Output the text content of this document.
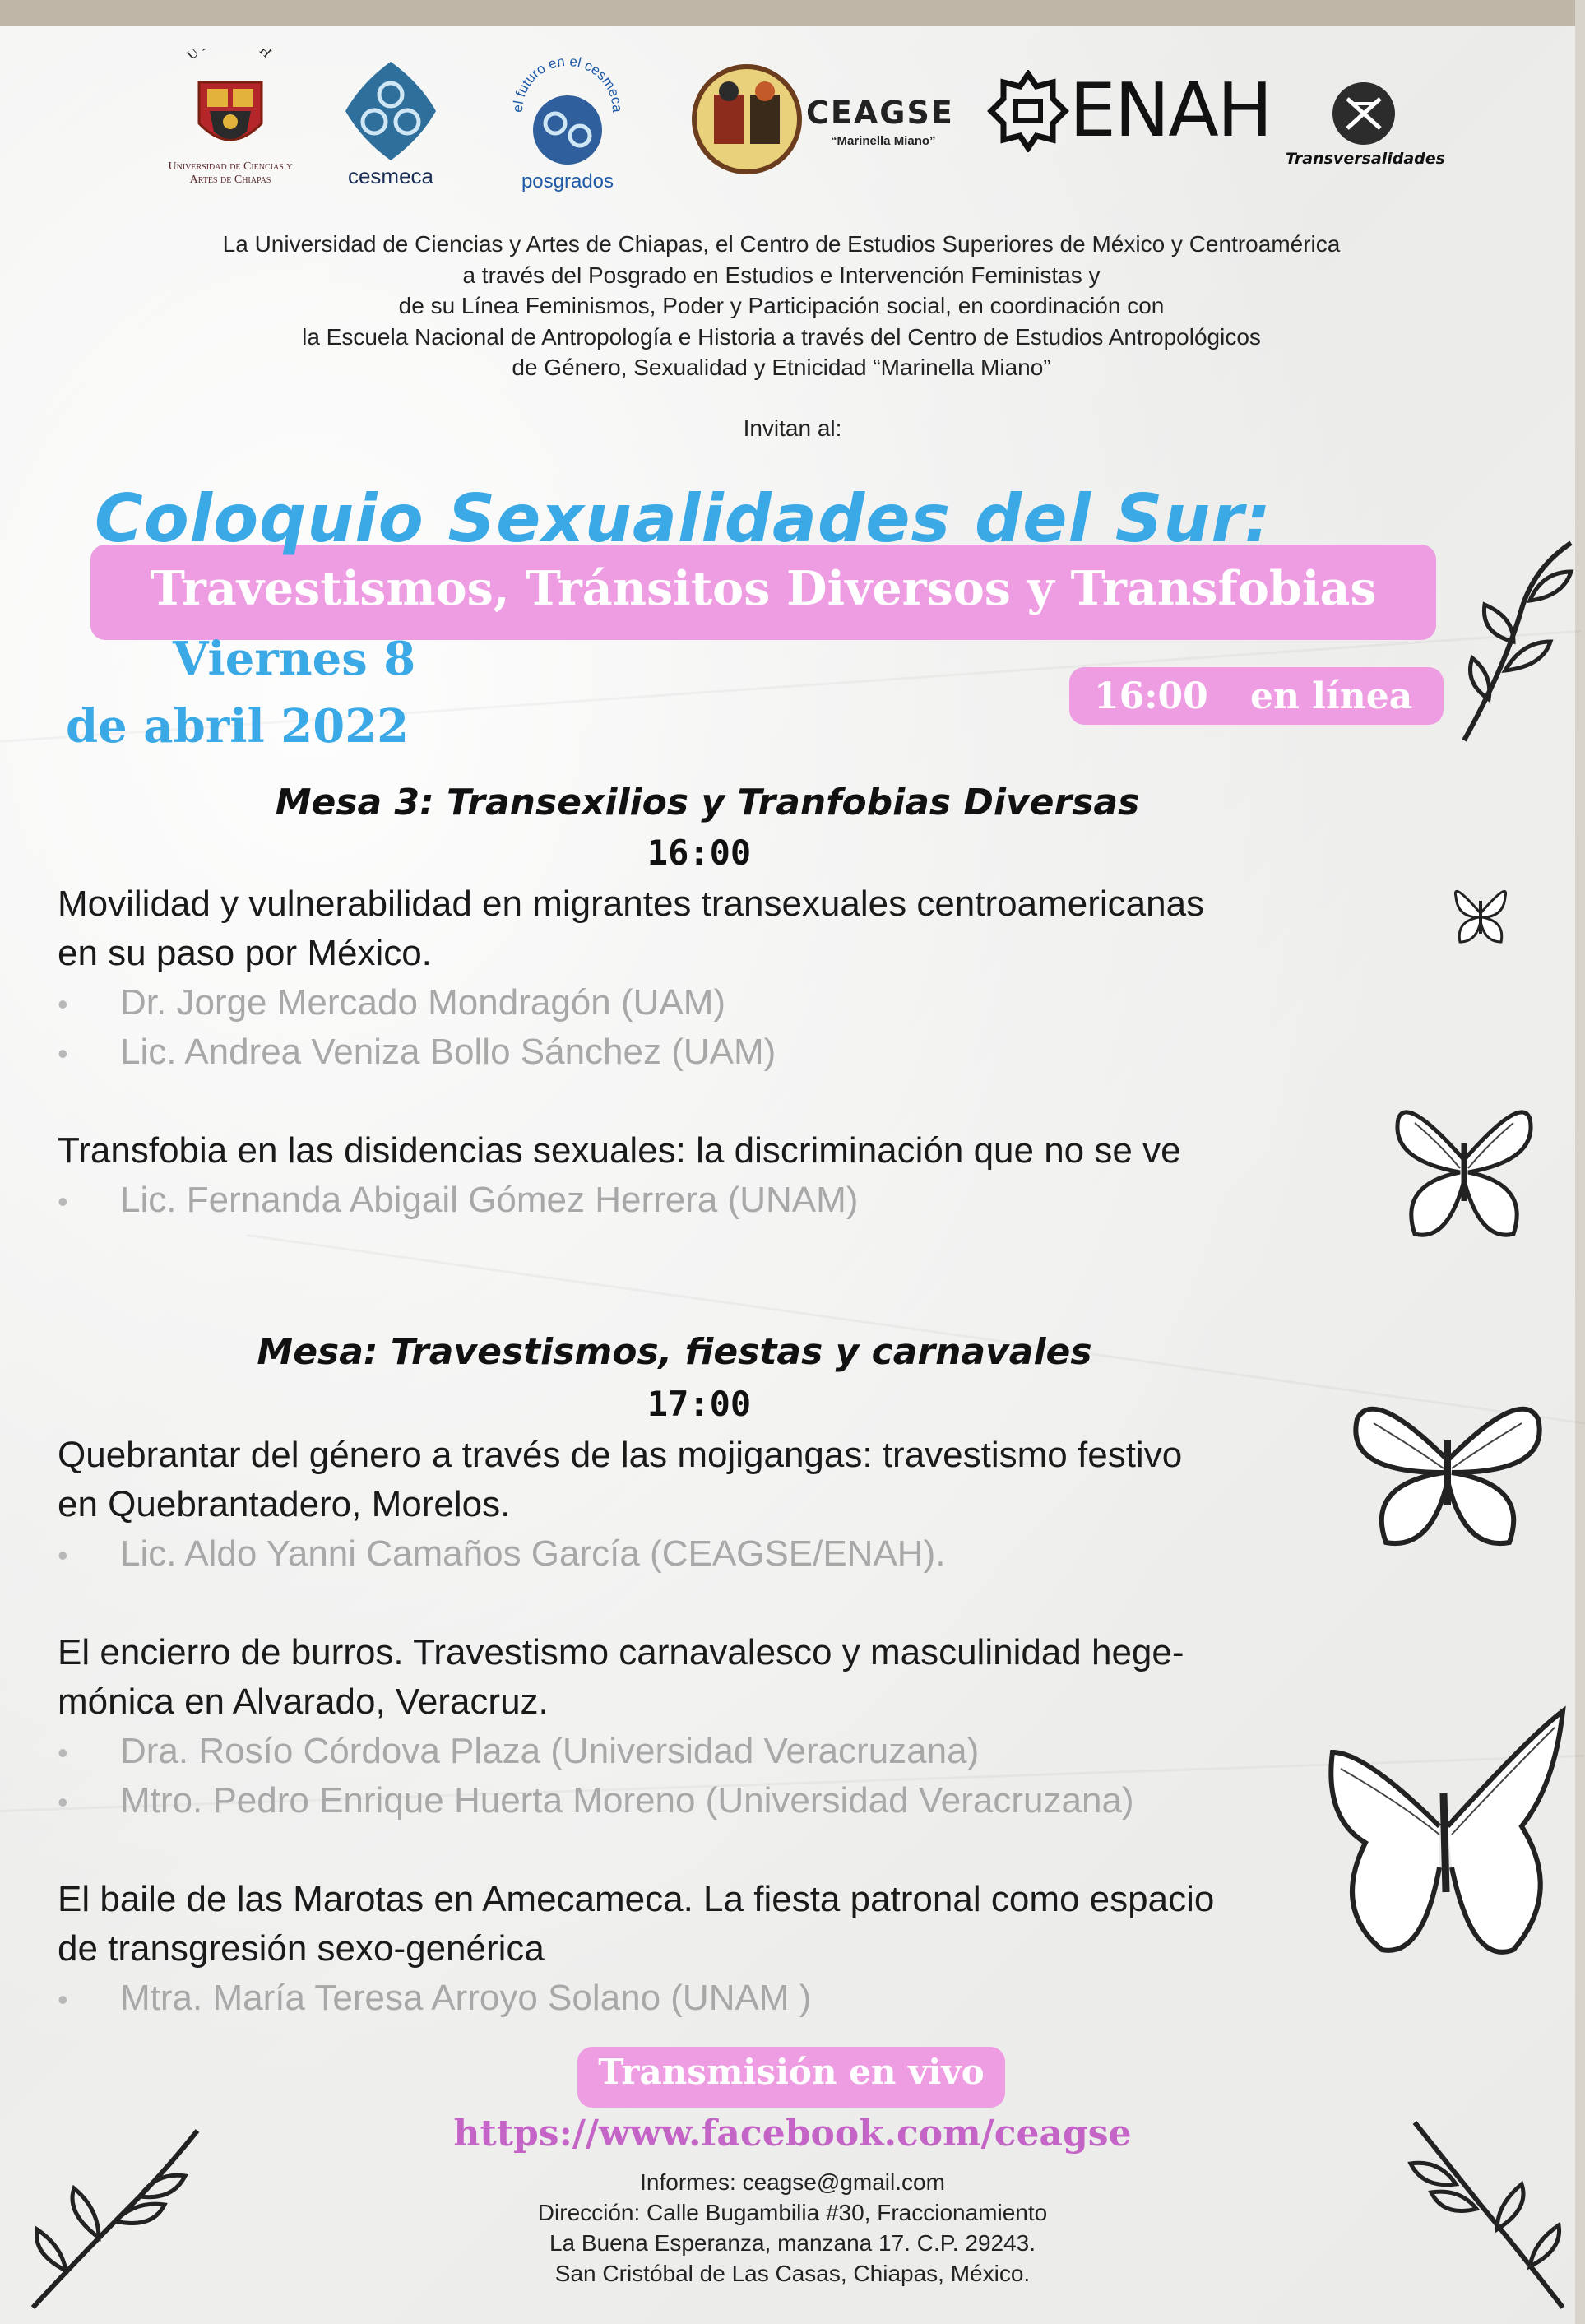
U H
Universidad de Ciencias y Artes de Chiapas	cesmeca
el futuro en el cesmeca
posgrados
CEAGSE
“Marinella Miano” ENAH
Transversalidades
La Universidad de Ciencias y Artes de Chiapas, el Centro de Estudios Superiores de México y Centroamérica
a través del Posgrado en Estudios e Intervención Feministas y
de su Línea Feminismos, Poder y Participación social, en coordinación con
la Escuela Nacional de Antropología e Historia a través del Centro de Estudios Antropológicos
de Género, Sexualidad y Etnicidad “Marinella Miano”
Invitan al:
Coloquio Sexualidades del Sur:
Travestismos, Tránsitos Diversos y Transfobias
Viernes 8
de abril 2022
16:00 en línea
Mesa 3: Transexilios y Tranfobias Diversas
16:00
Movilidad y vulnerabilidad en migrantes transexuales centroamericanas
en su paso por México.
• Dr. Jorge Mercado Mondragón (UAM)
• Lic. Andrea Veniza Bollo Sánchez (UAM)
Transfobia en las disidencias sexuales: la discriminación que no se ve
• Lic. Fernanda Abigail Gómez Herrera (UNAM)
Mesa: Travestismos, fiestas y carnavales
17:00
Quebrantar del género a través de las mojigangas: travestismo festivo
en Quebrantadero, Morelos.
• Lic. Aldo Yanni Camaños García (CEAGSE/ENAH).
El encierro de burros. Travestismo carnavalesco y masculinidad hege-
mónica en Alvarado, Veracruz.
• Dra. Rosío Córdova Plaza (Universidad Veracruzana)
• Mtro. Pedro Enrique Huerta Moreno (Universidad Veracruzana)
El baile de las Marotas en Amecameca. La fiesta patronal como espacio
de transgresión sexo-genérica
• Mtra. María Teresa Arroyo Solano (UNAM )
Transmisión en vivo
https://www.facebook.com/ceagse
Informes: ceagse@gmail.com
Dirección: Calle Bugambilia #30, Fraccionamiento
La Buena Esperanza, manzana 17. C.P. 29243.
San Cristóbal de Las Casas, Chiapas, México.
